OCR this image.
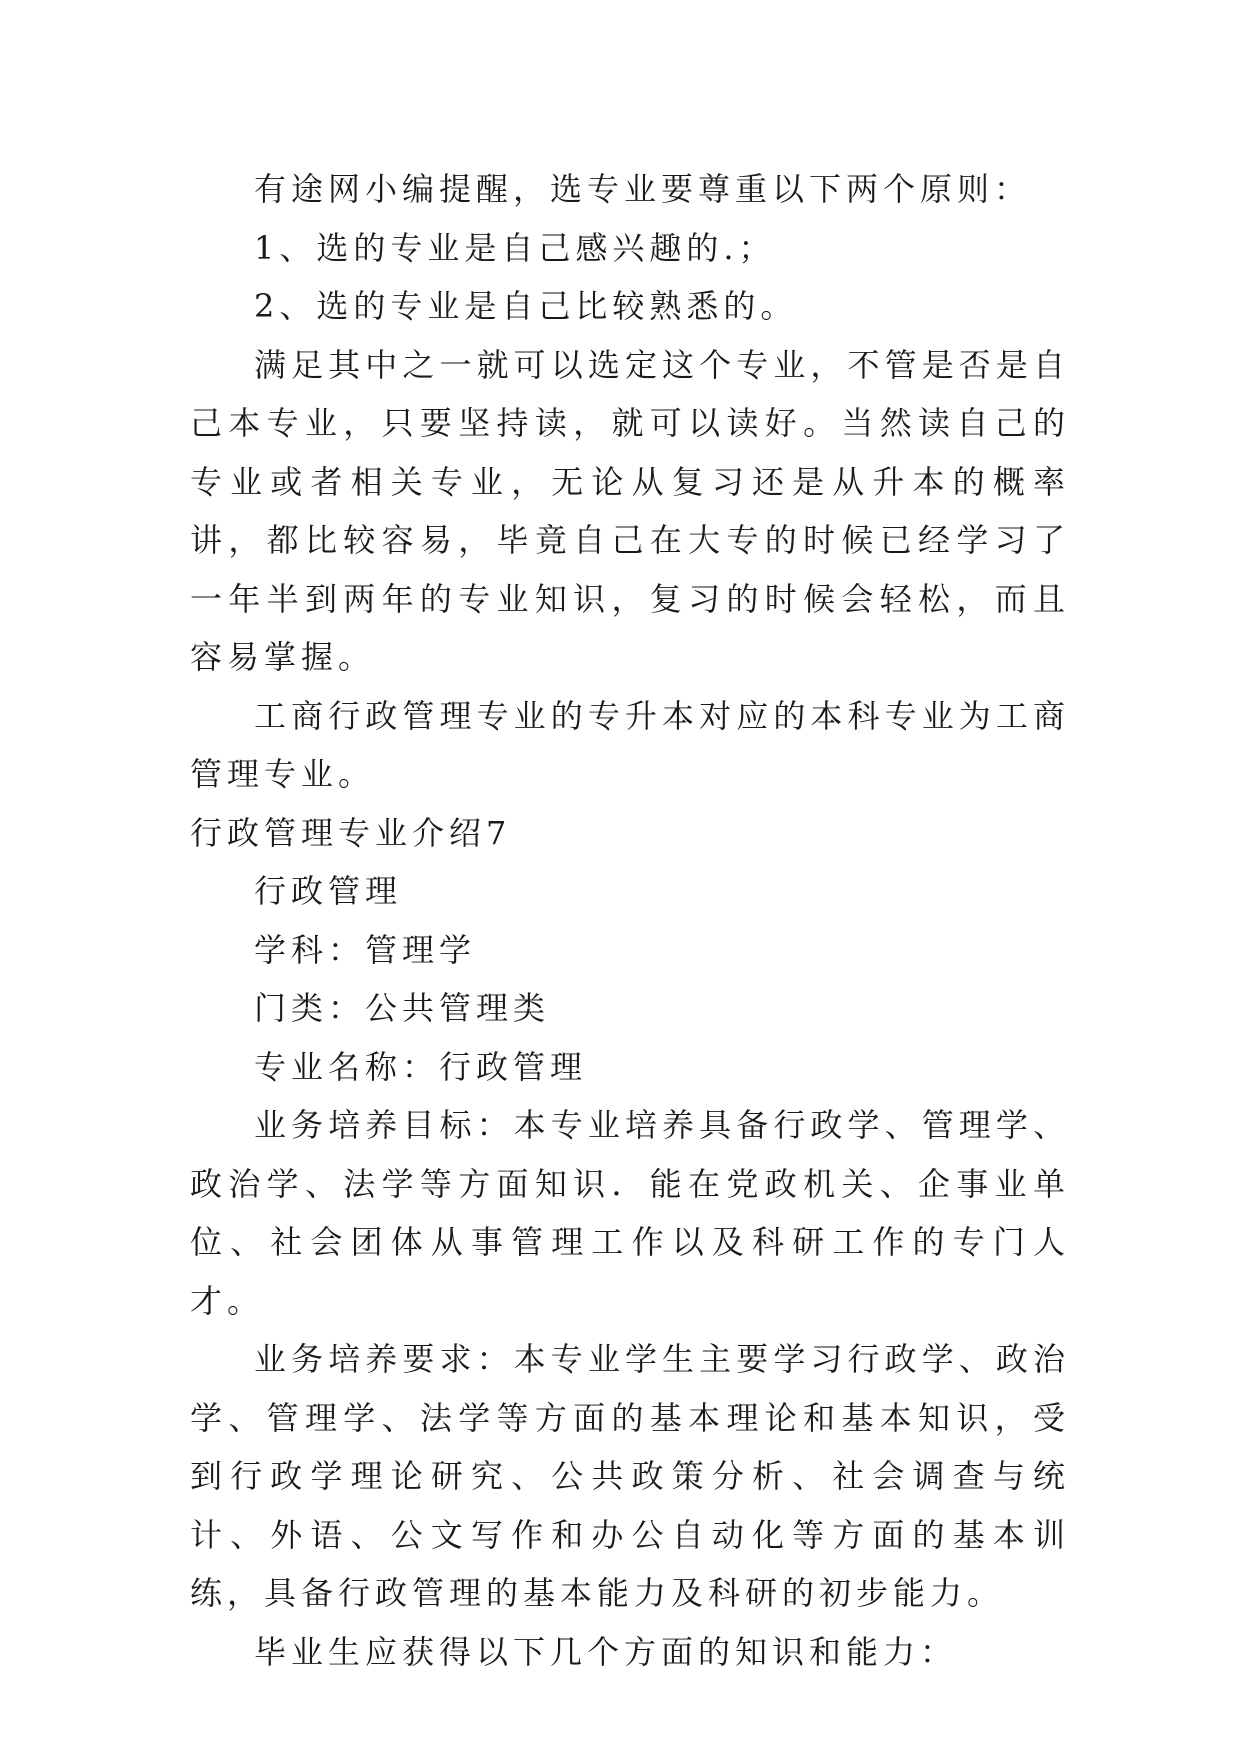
有途网小编提醒，选专业要尊重以下两个原则：

1、选的专业是自己感兴趣的.；

2、选的专业是自己比较熟悉的。

满足其中之一就可以选定这个专业，不管是否是自己本专业，只要坚持读，就可以读好。当然读自己的专业或者相关专业，无论从复习还是从升本的概率讲，都比较容易，毕竟自己在大专的时候已经学习了一年半到两年的专业知识，复习的时候会轻松，而且容易掌握。

工商行政管理专业的专升本对应的本科专业为工商管理专业。

行政管理专业介绍7

行政管理

学科：管理学

门类：公共管理类

专业名称：行政管理

业务培养目标：本专业培养具备行政学、管理学、政治学、法学等方面知识．能在党政机关、企事业单位、社会团体从事管理工作以及科研工作的专门人才。

业务培养要求：本专业学生主要学习行政学、政治学、管理学、法学等方面的基本理论和基本知识，受到行政学理论研究、公共政策分析、社会调查与统计、外语、公文写作和办公自动化等方面的基本训练，具备行政管理的基本能力及科研的初步能力。

毕业生应获得以下几个方面的知识和能力：
